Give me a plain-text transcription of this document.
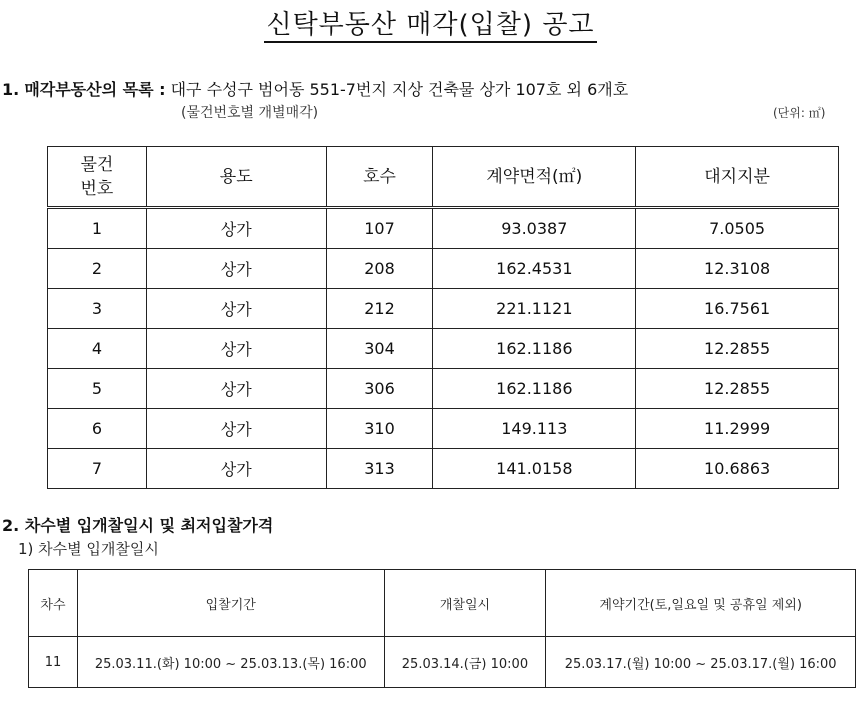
신탁부동산 매각(입찰) 공고
1. 매각부동산의 목록 : 대구 수성구 범어동 551-7번지 지상 건축물 상가 107호 외 6개호
(물건번호별 개별매각)	(단위: ㎡)
물건
번호	용도	호수	계약면적(㎡)	대지지분
1	상가	107	93.0387	7.0505
2	상가	208	162.4531	12.3108
3	상가	212	221.1121	16.7561
4	상가	304	162.1186	12.2855
5	상가	306	162.1186	12.2855
6	상가	310	149.113	11.2999
7	상가	313	141.0158	10.6863
2. 차수별 입개찰일시 및 최저입찰가격
1) 차수별 입개찰일시
차수	입찰기간	개찰일시	계약기간(토,일요일 및 공휴일 제외)
11	25.03.11.(화) 10:00 ~ 25.03.13.(목) 16:00	25.03.14.(금) 10:00	25.03.17.(월) 10:00 ~ 25.03.17.(월) 16:00
